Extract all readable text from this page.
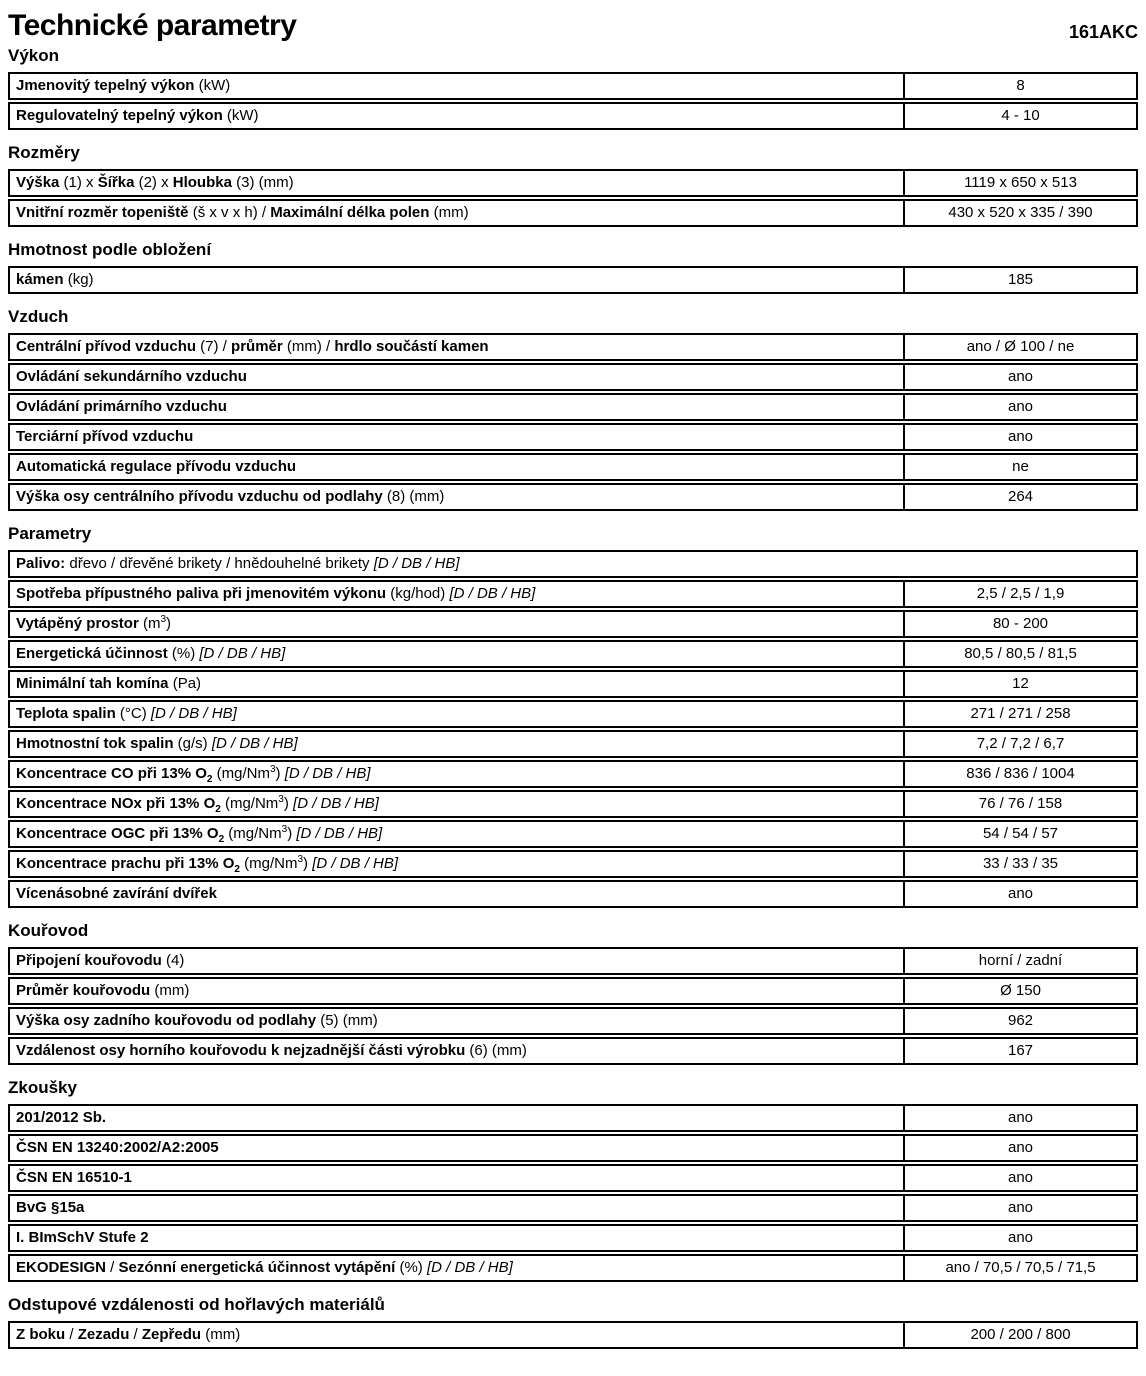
Technické parametry	161AKC
Výkon
Jmenovitý tepelný výkon (kW)	8
Regulovatelný tepelný výkon (kW)	4 - 10
Rozměry
Výška (1) x Šířka (2) x Hloubka (3) (mm)	1119 x 650 x 513
Vnitřní rozměr topeniště (š x v x h) / Maximální délka polen (mm)	430 x 520 x 335 / 390
Hmotnost podle obložení
kámen (kg)	185
Vzduch
Centrální přívod vzduchu (7) / průměr (mm) / hrdlo součástí kamen	ano / Ø 100 / ne
Ovládání sekundárního vzduchu	ano
Ovládání primárního vzduchu	ano
Terciární přívod vzduchu	ano
Automatická regulace přívodu vzduchu	ne
Výška osy centrálního přívodu vzduchu od podlahy (8) (mm)	264
Parametry
Palivo: dřevo / dřevěné brikety / hnědouhelné brikety [D / DB / HB]
Spotřeba přípustného paliva při jmenovitém výkonu (kg/hod) [D / DB / HB]	2,5 / 2,5 / 1,9
Vytápěný prostor $(m^3)$	80 - 200
Energetická účinnost (%) [D / DB / HB]	80,5 / 80,5 / 81,5
Minimální tah komína (Pa)	12
Teplota spalin (°C) [D / DB / HB]	271 / 271 / 258
Hmotnostní tok spalin (g/s) [D / DB / HB]	7,2 / 7,2 / 6,7
Koncentrace CO při 13% $O_2$ (mg/Nm$^3$) [D / DB / HB]	836 / 836 / 1004
Koncentrace NOx při 13% $O_2$ (mg/Nm$^3$) [D / DB / HB]	76 / 76 / 158
Koncentrace OGC při 13% $O_2$ (mg/Nm$^3$) [D / DB / HB]	54 / 54 / 57
Koncentrace prachu při 13% $O_2$ (mg/Nm$^3$) [D / DB / HB]	33 / 33 / 35
Vícenásobné zavírání dvířek	ano
Kouřovod
Připojení kouřovodu (4)	horní / zadní
Průměr kouřovodu (mm)	Ø 150
Výška osy zadního kouřovodu od podlahy (5) (mm)	962
Vzdálenost osy horního kouřovodu k nejzadnější části výrobku (6) (mm)	167
Zkoušky
201/2012 Sb.	ano
ČSN EN 13240:2002/A2:2005	ano
ČSN EN 16510-1	ano
BvG §15a	ano
I. BImSchV Stufe 2	ano
EKODESIGN / Sezónní energetická účinnost vytápění (%) [D / DB / HB]	ano / 70,5 / 70,5 / 71,5
Odstupové vzdálenosti od hořlavých materiálů
Z boku / Zezadu / Zepředu (mm)	200 / 200 / 800
